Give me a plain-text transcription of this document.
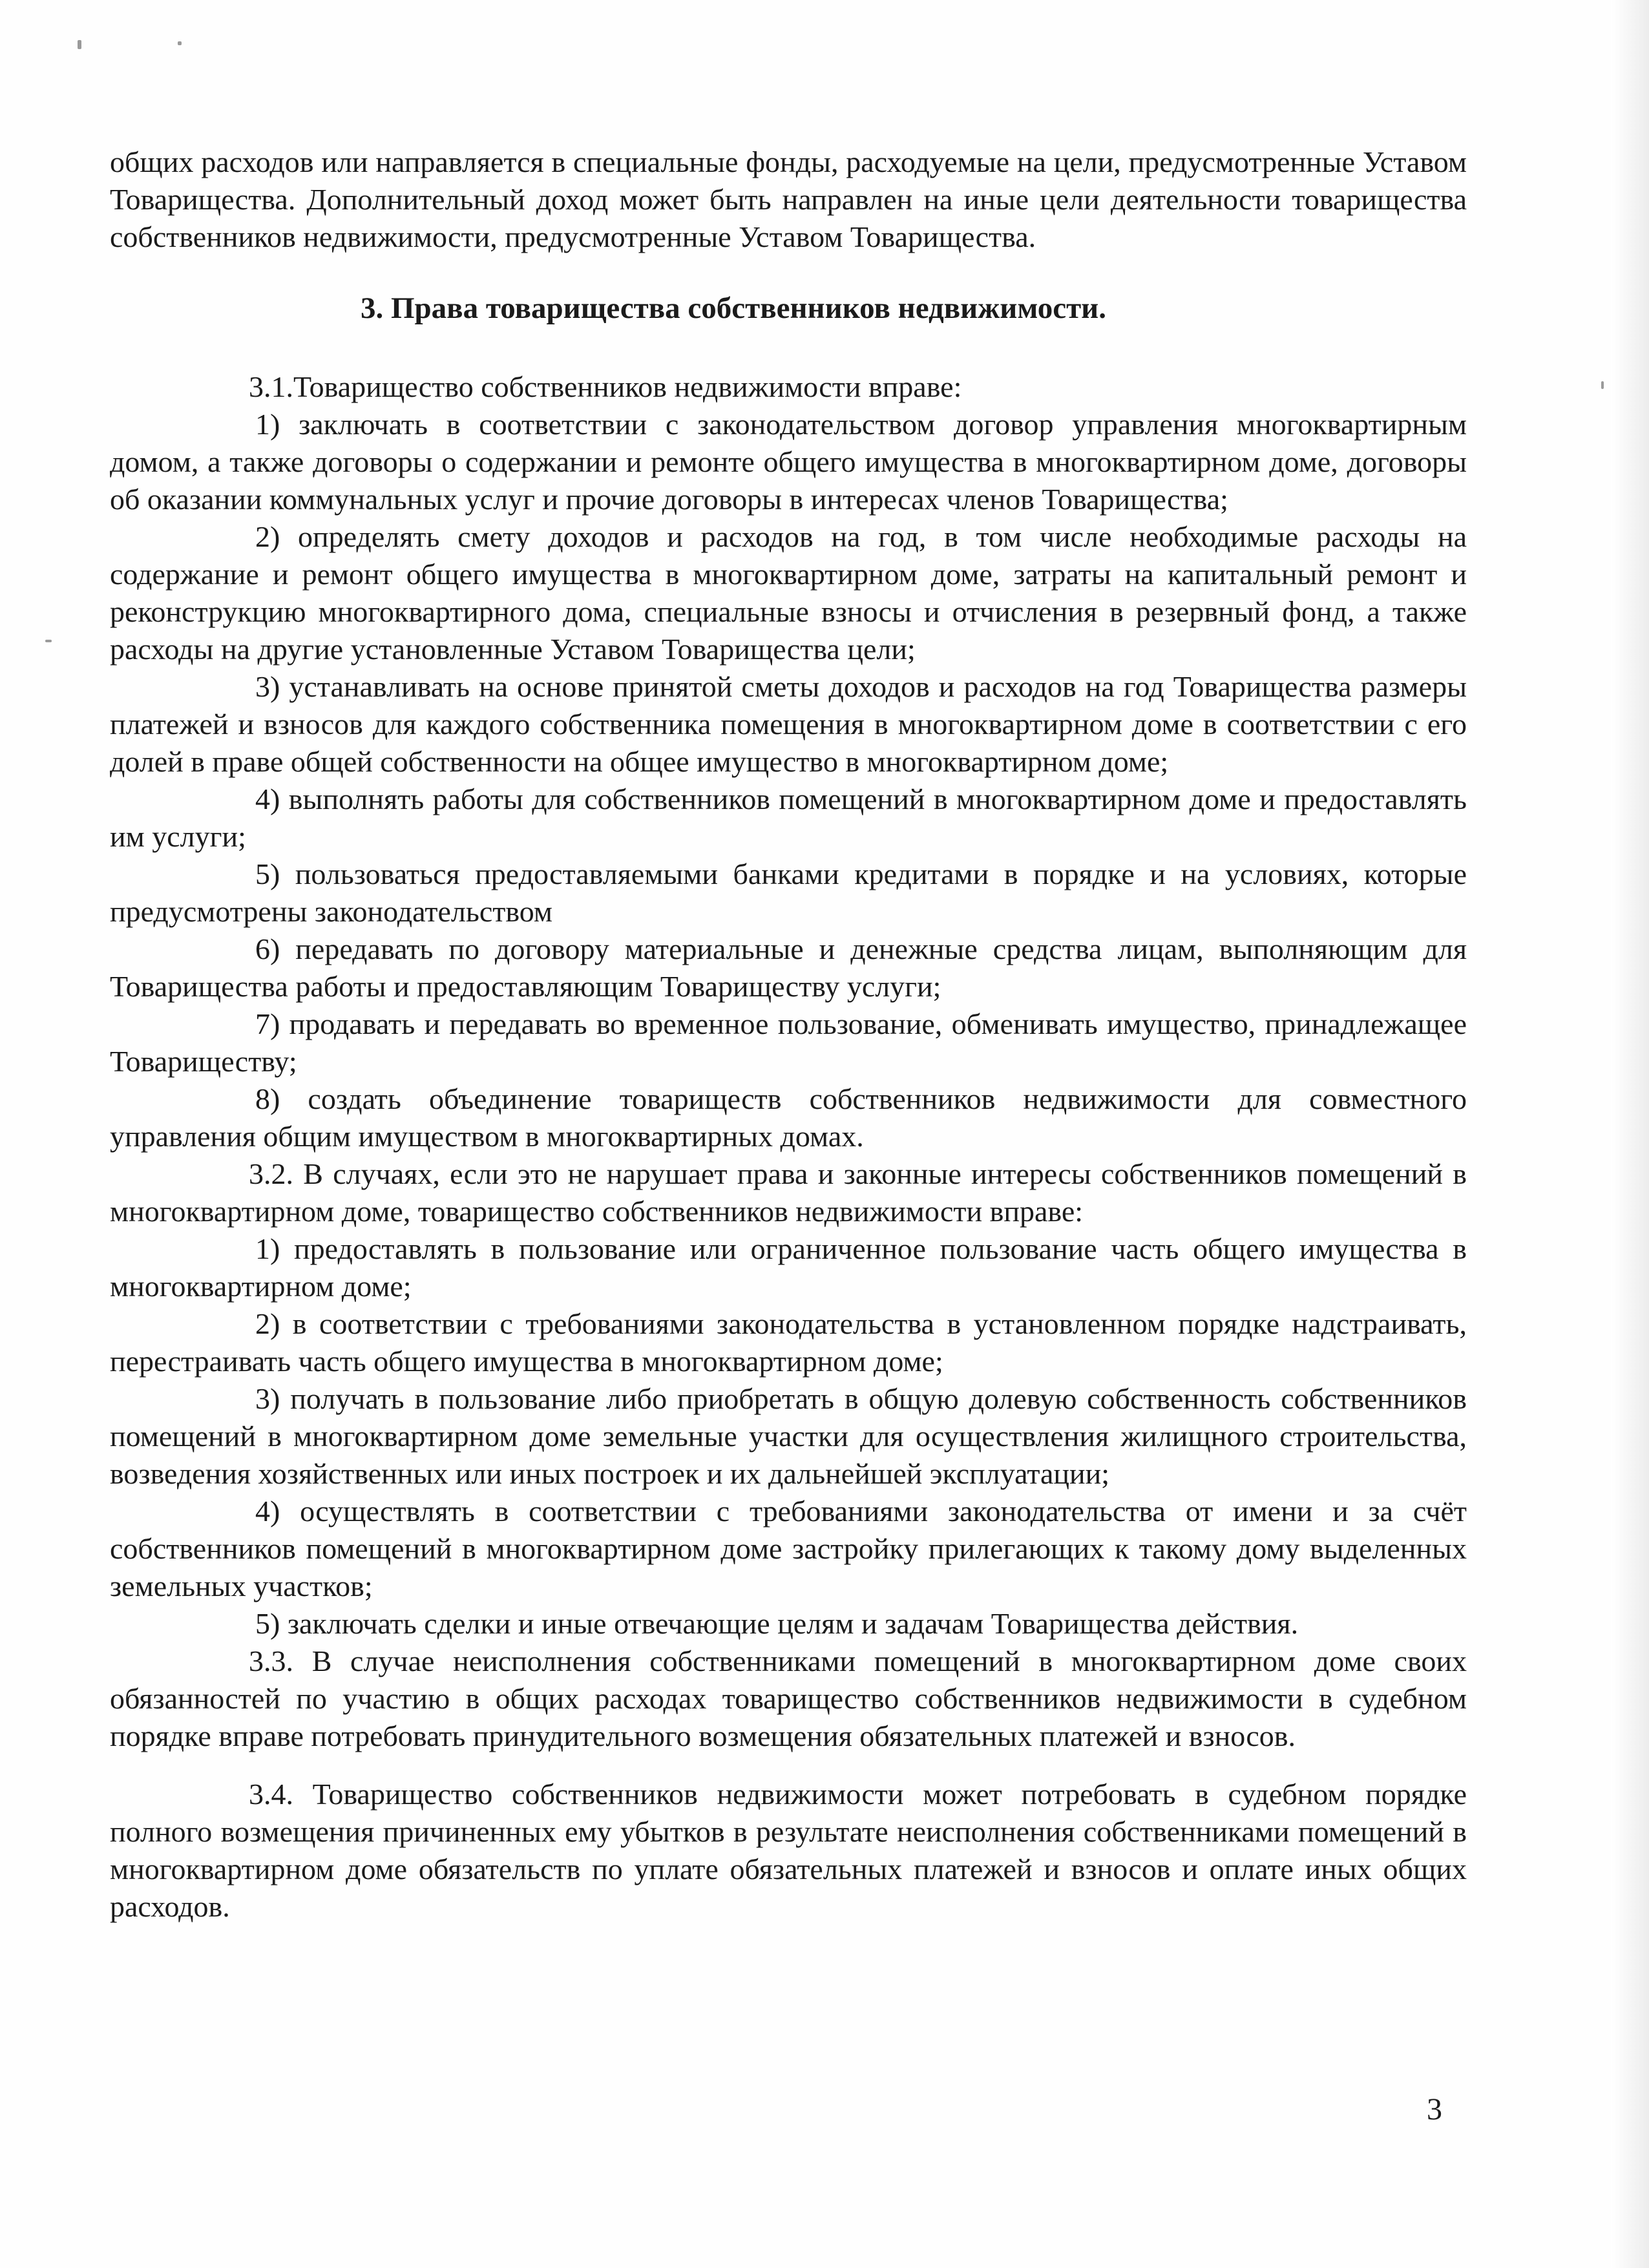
общих расходов или направляется в специальные фонды, расходуемые на цели, предусмотренные Уставом Товарищества. Дополнительный доход может быть направлен на иные цели деятельности товарищества собственников недвижимости, предусмотренные Уставом Товарищества.

3. Права товарищества собственников недвижимости.

3.1.Товарищество собственников недвижимости вправе:

1) заключать в соответствии с законодательством договор управления многоквартирным домом, а также договоры о содержании и ремонте общего имущества в многоквартирном доме, договоры об оказании коммунальных услуг и прочие договоры в интересах членов Товарищества;

2) определять смету доходов и расходов на год, в том числе необходимые расходы на содержание и ремонт общего имущества в многоквартирном доме, затраты на капитальный ремонт и реконструкцию многоквартирного дома, специальные взносы и отчисления в резервный фонд, а также расходы на другие установленные Уставом Товарищества цели;

3) устанавливать на основе принятой сметы доходов и расходов на год Товарищества размеры платежей и взносов для каждого собственника помещения в многоквартирном доме в соответствии с его долей в праве общей собственности на общее имущество в многоквартирном доме;

4) выполнять работы для собственников помещений в многоквартирном доме и предоставлять им услуги;

5) пользоваться предоставляемыми банками кредитами в порядке и на условиях, которые предусмотрены законодательством

6) передавать по договору материальные и денежные средства лицам, выполняющим для Товарищества работы и предоставляющим Товариществу услуги;

7) продавать и передавать во временное пользование, обменивать имущество, принадлежащее Товариществу;

8) создать объединение товариществ собственников недвижимости для совместного управления общим имуществом в многоквартирных домах.

3.2. В случаях, если это не нарушает права и законные интересы собственников помещений в многоквартирном доме, товарищество собственников недвижимости вправе:

1) предоставлять в пользование или ограниченное пользование часть общего имущества в многоквартирном доме;

2) в соответствии с требованиями законодательства в установленном порядке надстраивать, перестраивать часть общего имущества в многоквартирном доме;

3) получать в пользование либо приобретать в общую долевую собственность собственников помещений в многоквартирном доме земельные участки для осуществления жилищного строительства, возведения хозяйственных или иных построек и их дальнейшей эксплуатации;

4) осуществлять в соответствии с требованиями законодательства от имени и за счёт собственников помещений в многоквартирном доме застройку прилегающих к такому дому выделенных земельных участков;

5) заключать сделки и иные отвечающие целям и задачам Товарищества действия.

3.3. В случае неисполнения собственниками помещений в многоквартирном доме своих обязанностей по участию в общих расходах товарищество собственников недвижимости в судебном порядке вправе потребовать принудительного возмещения обязательных платежей и взносов.

3.4. Товарищество собственников недвижимости может потребовать в судебном порядке полного возмещения причиненных ему убытков в результате неисполнения собственниками помещений в многоквартирном доме обязательств по уплате обязательных платежей и взносов и оплате иных общих расходов.

3
